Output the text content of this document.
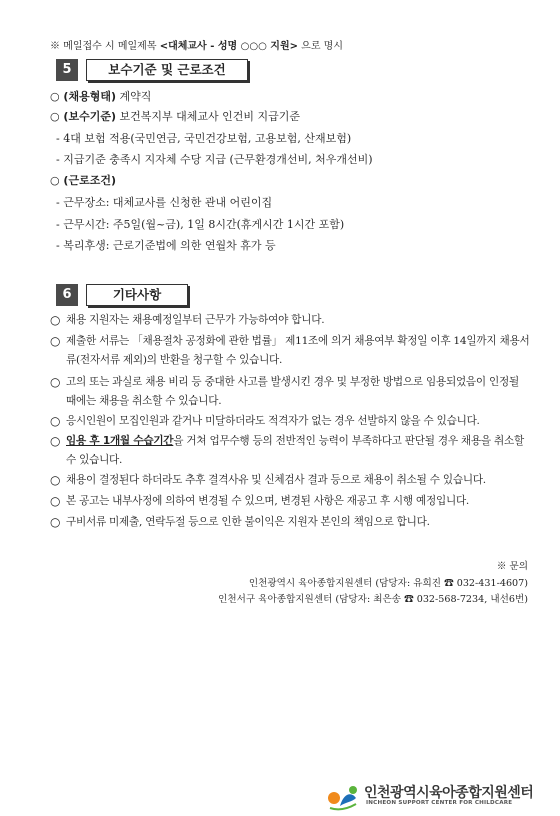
※ 메일접수 시 메일제목 <대체교사 - 성명 ○○○ 지원> 으로 명시
5	보수기준 및 근로조건
○ (채용형태) 계약직
○ (보수기준) 보건복지부 대체교사 인건비 지급기준
- 4대 보험 적용(국민연금, 국민건강보험, 고용보험, 산재보험)
- 지급기준 충족시 지자체 수당 지급 (근무환경개선비, 처우개선비)
○ (근로조건)
- 근무장소: 대체교사를 신청한 관내 어린이집
- 근무시간: 주5일(월~금), 1일 8시간(휴게시간 1시간 포함)
- 복리후생: 근로기준법에 의한 연월차 휴가 등
6	기타사항
○ 채용 지원자는 채용예정일부터 근무가 가능하여야 합니다.
○ 제출한 서류는 「채용절차 공정화에 관한 법률」 제11조에 의거 채용여부 확정일 이후 14일까지 채용서류(전자서류 제외)의 반환을 청구할 수 있습니다.
○ 고의 또는 과실로 채용 비리 등 중대한 사고를 발생시킨 경우 및 부정한 방법으로 임용되었음이 인정될 때에는 채용을 취소할 수 있습니다.
○ 응시인원이 모집인원과 같거나 미달하더라도 적격자가 없는 경우 선발하지 않을 수 있습니다.
○ 임용 후 1개월 수습기간을 거쳐 업무수행 등의 전반적인 능력이 부족하다고 판단될 경우 채용을 취소할 수 있습니다.
○ 채용이 결정된다 하더라도 추후 결격사유 및 신체검사 결과 등으로 채용이 취소될 수 있습니다.
○ 본 공고는 내부사정에 의하여 변경될 수 있으며, 변경된 사항은 재공고 후 시행 예정입니다.
○ 구비서류 미제출, 연락두절 등으로 인한 불이익은 지원자 본인의 책임으로 합니다.
※ 문의
인천광역시 육아종합지원센터 (담당자: 유희진 ☎ 032-431-4607)
인천서구 육아종합지원센터 (담당자: 최은송 ☎ 032-568-7234, 내선6번)
인천광역시육아종합지원센터
INCHEON SUPPORT CENTER FOR CHILDCARE
